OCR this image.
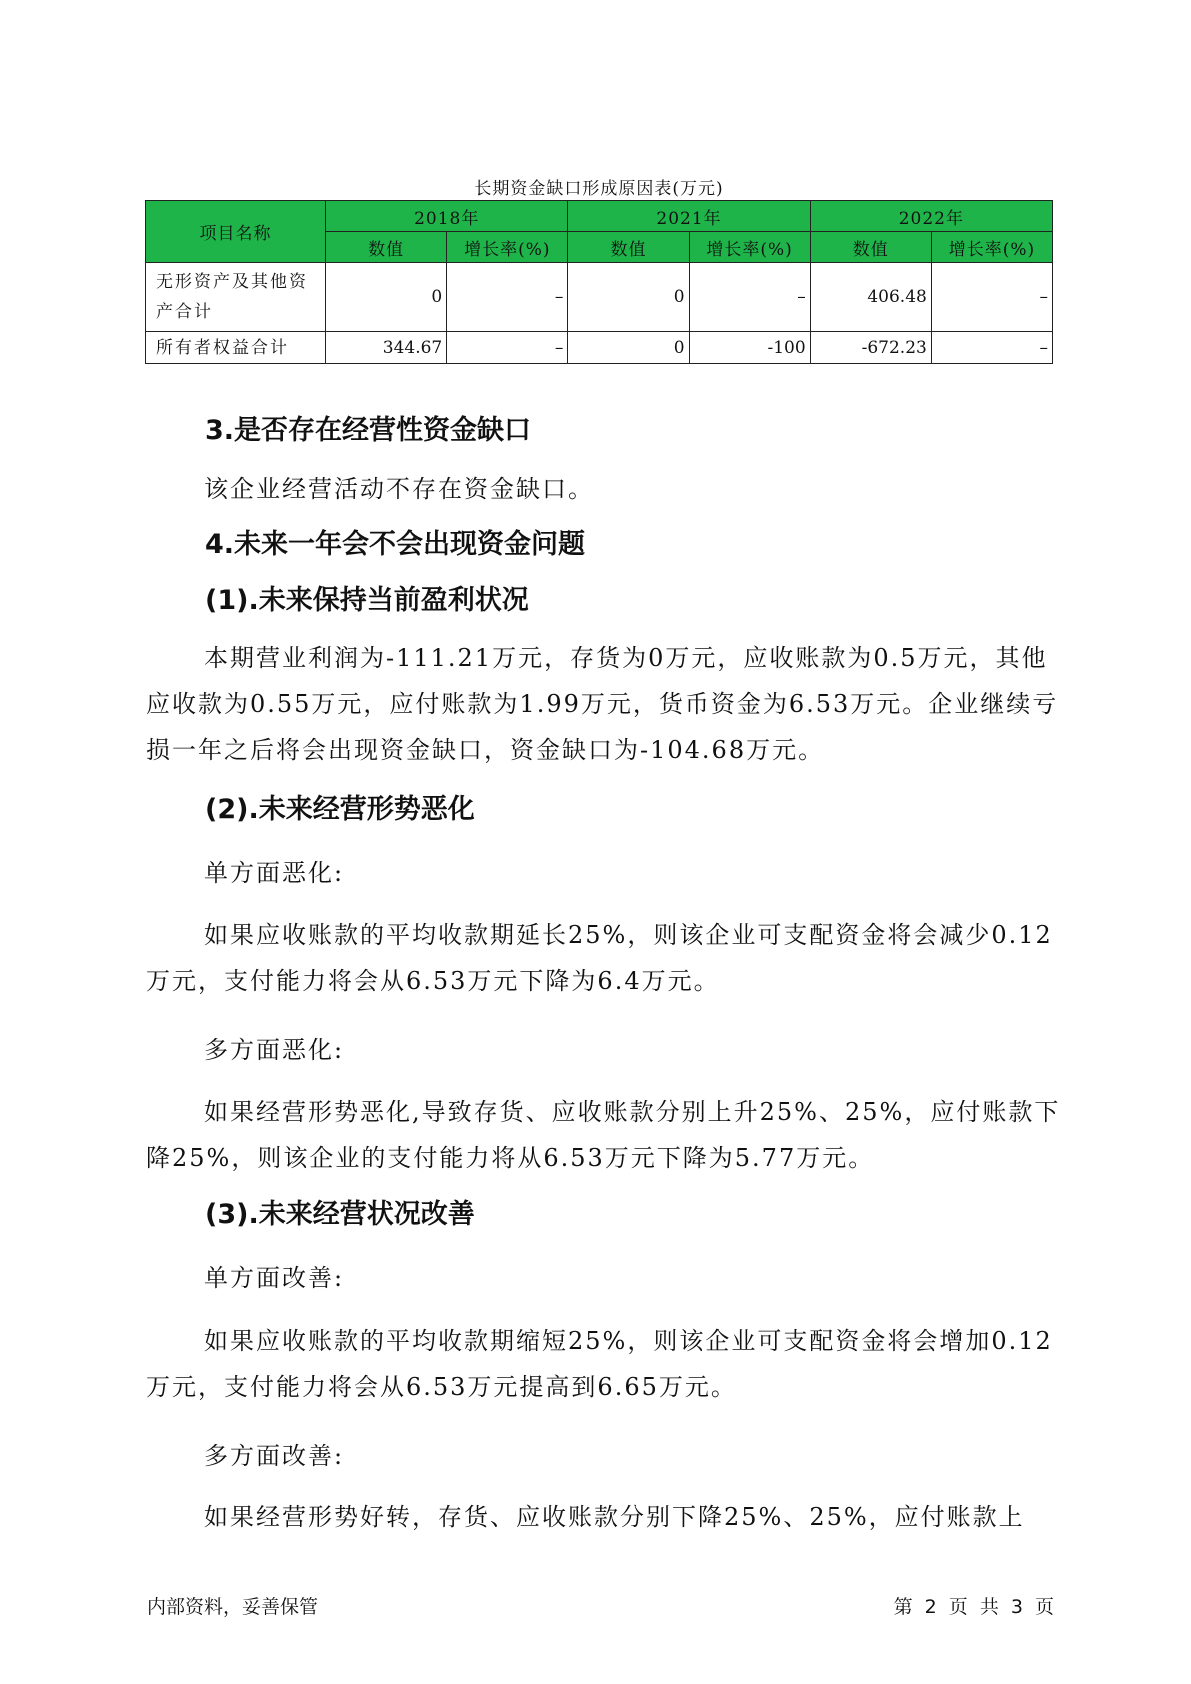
长期资金缺口形成原因表(万元)
项目名称	2018年		2021年		2022年	
	数值	增长率(%)	数值	增长率(%)	数值	增长率(%)
无形资产及其他资产合计	0	–	0	–	406.48	–
所有者权益合计	344.67	–	0	-100	-672.23	–
3.是否存在经营性资金缺口
该企业经营活动不存在资金缺口。
4.未来一年会不会出现资金问题
(1).未来保持当前盈利状况
本期营业利润为-111.21万元，存货为0万元，应收账款为0.5万元，其他应收款为0.55万元，应付账款为1.99万元，货币资金为6.53万元。企业继续亏损一年之后将会出现资金缺口，资金缺口为-104.68万元。
(2).未来经营形势恶化
单方面恶化:
如果应收账款的平均收款期延长25%，则该企业可支配资金将会减少0.12万元，支付能力将会从6.53万元下降为6.4万元。
多方面恶化:
如果经营形势恶化,导致存货、应收账款分别上升25%、25%，应付账款下降25%，则该企业的支付能力将从6.53万元下降为5.77万元。
(3).未来经营状况改善
单方面改善:
如果应收账款的平均收款期缩短25%，则该企业可支配资金将会增加0.12万元，支付能力将会从6.53万元提高到6.65万元。
多方面改善:
如果经营形势好转，存货、应收账款分别下降25%、25%，应付账款上
内部资料，妥善保管	第 2 页 共 3 页
